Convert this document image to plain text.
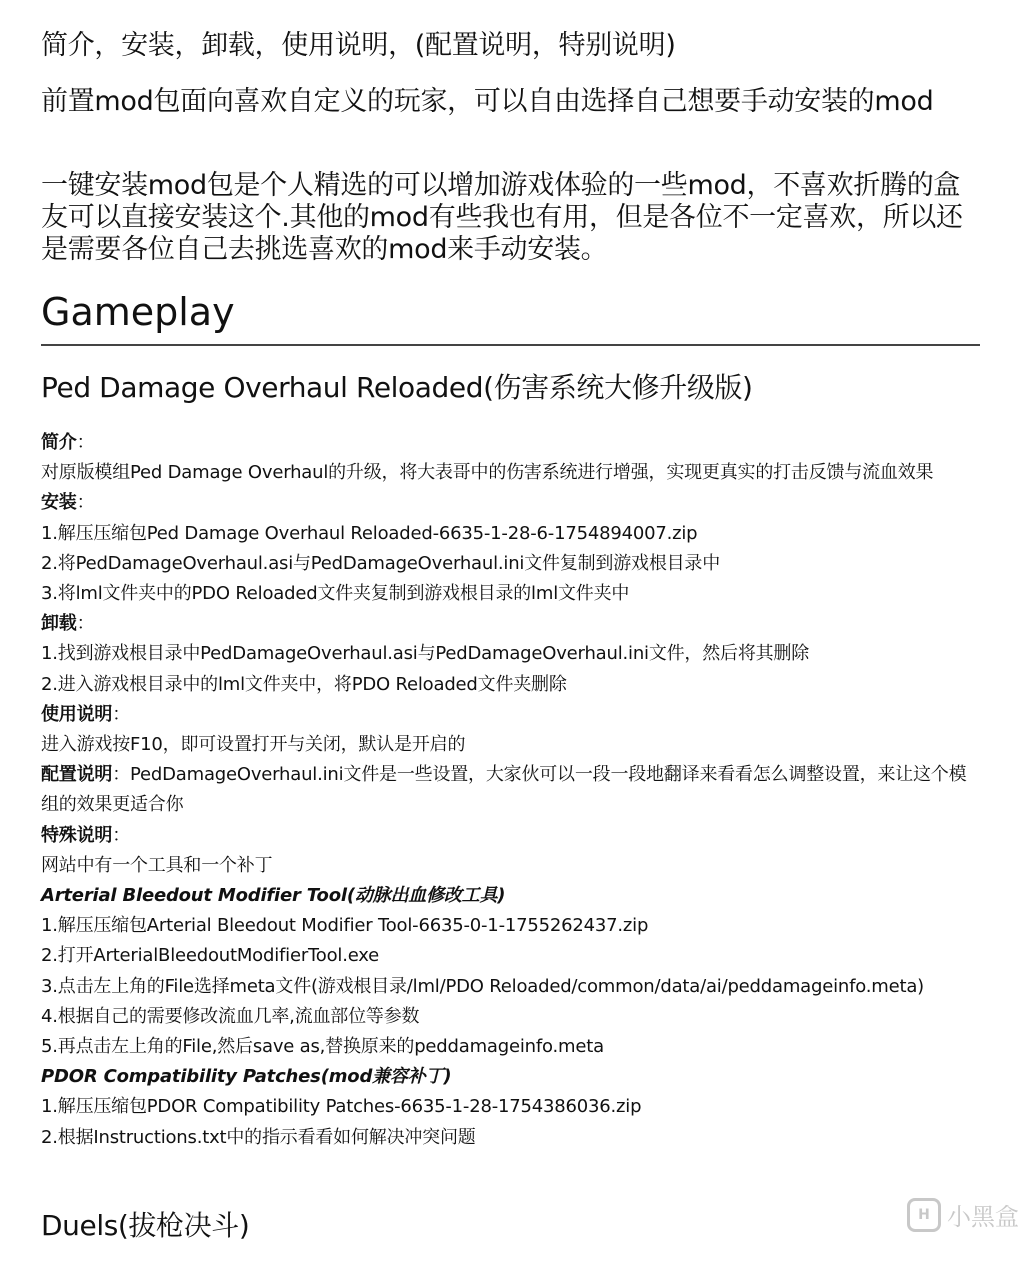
简介，安装，卸载，使用说明，(配置说明，特别说明)

前置mod包面向喜欢自定义的玩家，可以自由选择自己想要手动安装的mod

一键安装mod包是个人精选的可以增加游戏体验的一些mod，不喜欢折腾的盒友可以直接安装这个.其他的mod有些我也有用，但是各位不一定喜欢，所以还是需要各位自己去挑选喜欢的mod来手动安装。

Gameplay
Ped Damage Overhaul Reloaded(伤害系统大修升级版)
简介：
对原版模组Ped Damage Overhaul的升级，将大表哥中的伤害系统进行增强，实现更真实的打击反馈与流血效果
安装：
1.解压压缩包Ped Damage Overhaul Reloaded-6635-1-28-6-1754894007.zip
2.将PedDamageOverhaul.asi与PedDamageOverhaul.ini文件复制到游戏根目录中
3.将lml文件夹中的PDO Reloaded文件夹复制到游戏根目录的lml文件夹中
卸载：
1.找到游戏根目录中PedDamageOverhaul.asi与PedDamageOverhaul.ini文件，然后将其删除
2.进入游戏根目录中的lml文件夹中，将PDO Reloaded文件夹删除
使用说明：
进入游戏按F10，即可设置打开与关闭，默认是开启的
配置说明：PedDamageOverhaul.ini文件是一些设置，大家伙可以一段一段地翻译来看看怎么调整设置，来让这个模组的效果更适合你
特殊说明：
网站中有一个工具和一个补丁
Arterial Bleedout Modifier Tool(动脉出血修改工具)
1.解压压缩包Arterial Bleedout Modifier Tool-6635-0-1-1755262437.zip
2.打开ArterialBleedoutModifierTool.exe
3.点击左上角的File选择meta文件(游戏根目录/lml/PDO Reloaded/common/data/ai/peddamageinfo.meta)
4.根据自己的需要修改流血几率,流血部位等参数
5.再点击左上角的File,然后save as,替换原来的peddamageinfo.meta
PDOR Compatibility Patches(mod兼容补丁)
1.解压压缩包PDOR Compatibility Patches-6635-1-28-1754386036.zip
2.根据Instructions.txt中的指示看看如何解决冲突问题
Duels(拔枪决斗)	H 小黑盒
